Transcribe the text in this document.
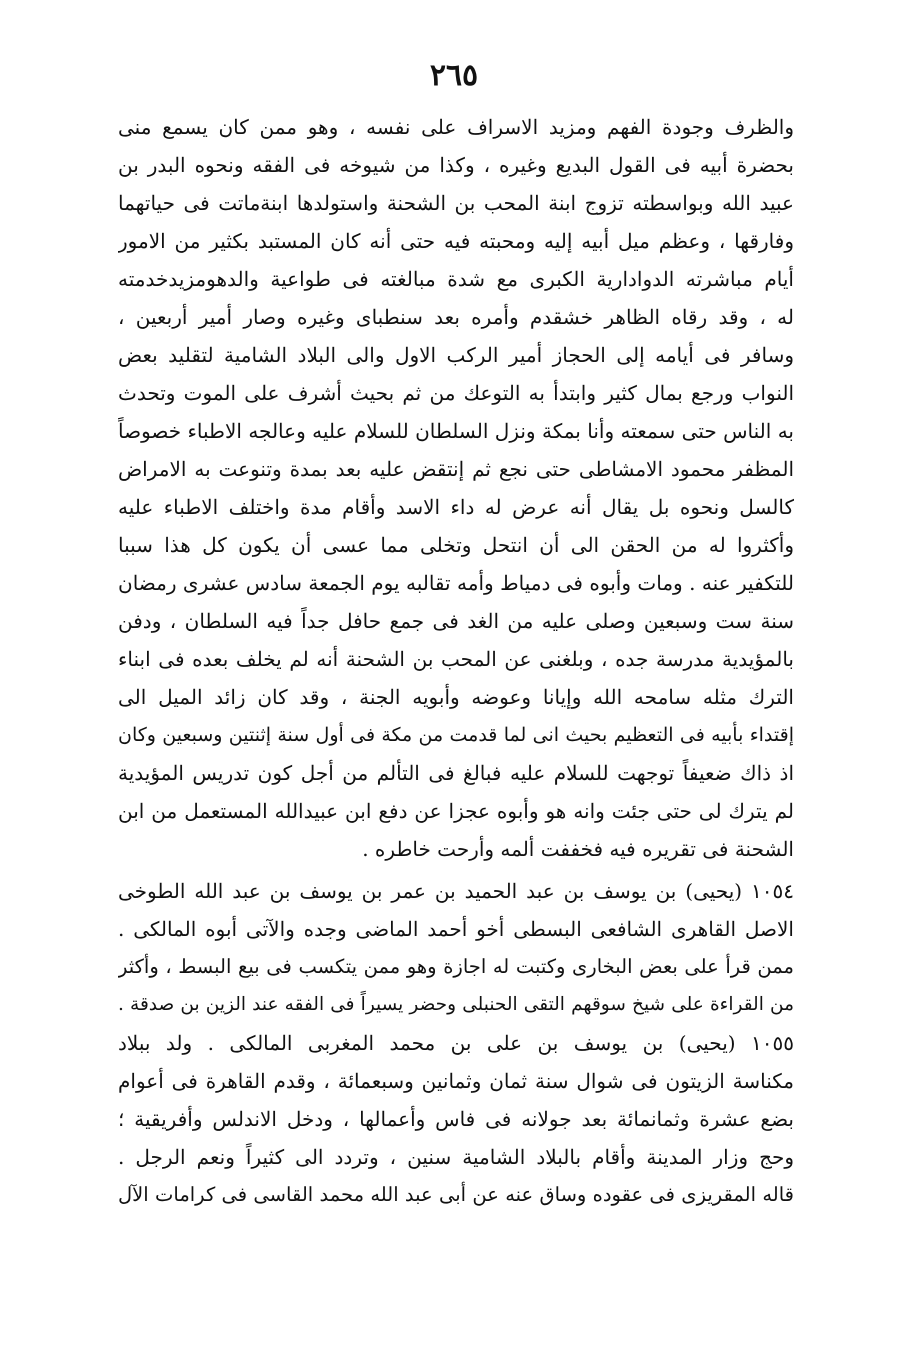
٢٦٥
والظرف وجودة الفهم ومزيد الاسراف على نفسه ، وهو ممن كان يسمع منى
بحضرة أبيه فى القول البديع وغيره ، وكذا من شيوخه فى الفقه ونحوه البدر بن
عبيد الله وبواسطته تزوج ابنة المحب بن الشحنة واستولدها ابنةماتت فى حياتهما
وفارقها ، وعظم ميل أبيه إليه ومحبته فيه حتى أنه كان المستبد بكثير من الامور
أيام مباشرته الدوادارية الكبرى مع شدة مبالغته فى طواعية والدهومزيدخدمته
له ، وقد رقاه الظاهر خشقدم وأمره بعد سنطباى وغيره وصار أمير أربعين ،
وسافر فى أيامه إلى الحجاز أمير الركب الاول والى البلاد الشامية لتقليد بعض
النواب ورجع بمال كثير وابتدأ به التوعك من ثم بحيث أشرف على الموت وتحدث
به الناس حتى سمعته وأنا بمكة ونزل السلطان للسلام عليه وعالجه الاطباء خصوصاً
المظفر محمود الامشاطى حتى نجع ثم إنتقض عليه بعد بمدة وتنوعت به الامراض
كالسل ونحوه بل يقال أنه عرض له داء الاسد وأقام مدة واختلف الاطباء عليه
وأكثروا له من الحقن الى أن انتحل وتخلى مما عسى أن يكون كل هذا سببا
للتكفير عنه . ومات وأبوه فى دمياط وأمه تقالبه يوم الجمعة سادس عشرى رمضان
سنة ست وسبعين وصلى عليه من الغد فى جمع حافل جداً فيه السلطان ، ودفن
بالمؤيدية مدرسة جده ، وبلغنى عن المحب بن الشحنة أنه لم يخلف بعده فى ابناء
الترك مثله سامحه الله وإيانا وعوضه وأبويه الجنة ، وقد كان زائد الميل الى
إقتداء بأبيه فى التعظيم بحيث انى لما قدمت من مكة فى أول سنة إثنتين وسبعين وكان
اذ ذاك ضعيفاً توجهت للسلام عليه فبالغ فى التألم من أجل كون تدريس المؤيدية
لم يترك لى حتى جئت وانه هو وأبوه عجزا عن دفع ابن عبيدالله المستعمل من ابن
الشحنة فى تقريره فيه فخففت ألمه وأرحت خاطره .
١٠٥٤ (يحيى) بن يوسف بن عبد الحميد بن عمر بن يوسف بن عبد الله الطوخى
الاصل القاهرى الشافعى البسطى أخو أحمد الماضى وجده والآتى أبوه المالكى .
ممن قرأ على بعض البخارى وكتبت له اجازة وهو ممن يتكسب فى بيع البسط ، وأكثر
من القراءة على شيخ سوقهم التقى الحنبلى وحضر يسيراً فى الفقه عند الزين بن صدقة .
١٠٥٥ (يحيى) بن يوسف بن على بن محمد المغربى المالكى . ولد ببلاد
مكناسة الزيتون فى شوال سنة ثمان وثمانين وسبعمائة ، وقدم القاهرة فى أعوام
بضع عشرة وثمانمائة بعد جولانه فى فاس وأعمالها ، ودخل الاندلس وأفريقية ؛
وحج وزار المدينة وأقام بالبلاد الشامية سنين ، وتردد الى كثيراً ونعم الرجل .
قاله المقريزى فى عقوده وساق عنه عن أبى عبد الله محمد القاسى فى كرامات الآل
